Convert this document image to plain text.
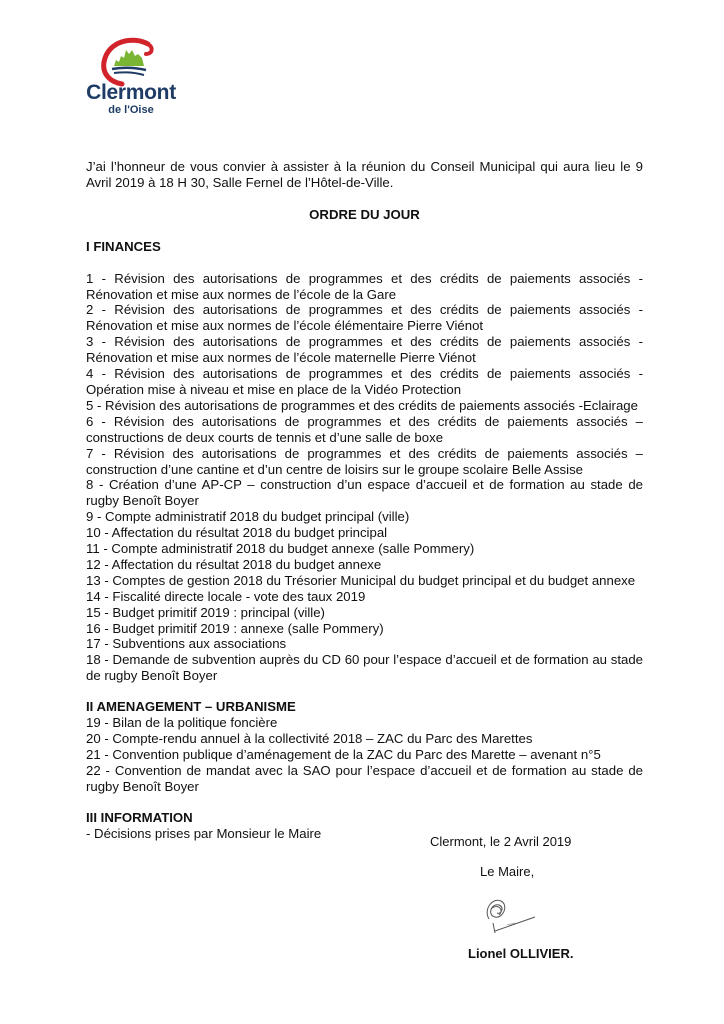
Clermont
de l'Oise

J’ai l’honneur de vous convier à assister à la réunion du Conseil Municipal qui aura lieu le 9 Avril 2019 à 18 H 30, Salle Fernel de l’Hôtel-de-Ville.

ORDRE DU JOUR

I FINANCES

1 - Révision des autorisations de programmes et des crédits de paiements associés - Rénovation et mise aux normes de l’école de la Gare

2 - Révision des autorisations de programmes et des crédits de paiements associés - Rénovation et mise aux normes de l’école élémentaire Pierre Viénot

3 - Révision des autorisations de programmes et des crédits de paiements associés - Rénovation et mise aux normes de l’école maternelle Pierre Viénot

4 - Révision des autorisations de programmes et des crédits de paiements associés - Opération mise à niveau et mise en place de la Vidéo Protection

5 - Révision des autorisations de programmes et des crédits de paiements associés -Eclairage

6 - Révision des autorisations de programmes et des crédits de paiements associés – constructions de deux courts de tennis et d’une salle de boxe

7 - Révision des autorisations de programmes et des crédits de paiements associés – construction d’une cantine et d’un centre de loisirs sur le groupe scolaire Belle Assise

8 - Création d’une AP-CP – construction d’un espace d’accueil et de formation au stade de rugby Benoît Boyer

9 - Compte administratif 2018 du budget principal (ville)

10 - Affectation du résultat 2018 du budget principal

11 - Compte administratif 2018 du budget annexe (salle Pommery)

12 - Affectation du résultat 2018 du budget annexe

13 - Comptes de gestion 2018 du Trésorier Municipal du budget principal et du budget annexe

14 - Fiscalité directe locale - vote des taux 2019

15 - Budget primitif 2019 : principal (ville)

16 - Budget primitif 2019 : annexe (salle Pommery)

17 - Subventions aux associations

18 - Demande de subvention auprès du CD 60 pour l’espace d’accueil et de formation au stade de rugby Benoît Boyer

II AMENAGEMENT – URBANISME

19 - Bilan de la politique foncière

20 - Compte-rendu annuel à la collectivité 2018 – ZAC du Parc des Marettes

21 - Convention publique d’aménagement de la ZAC du Parc des Marette – avenant n°5

22 - Convention de mandat avec la SAO pour l’espace d’accueil et de formation au stade de rugby Benoît Boyer

III INFORMATION

- Décisions prises par Monsieur le Maire

Clermont, le 2 Avril 2019
Le Maire,
Lionel OLLIVIER.
